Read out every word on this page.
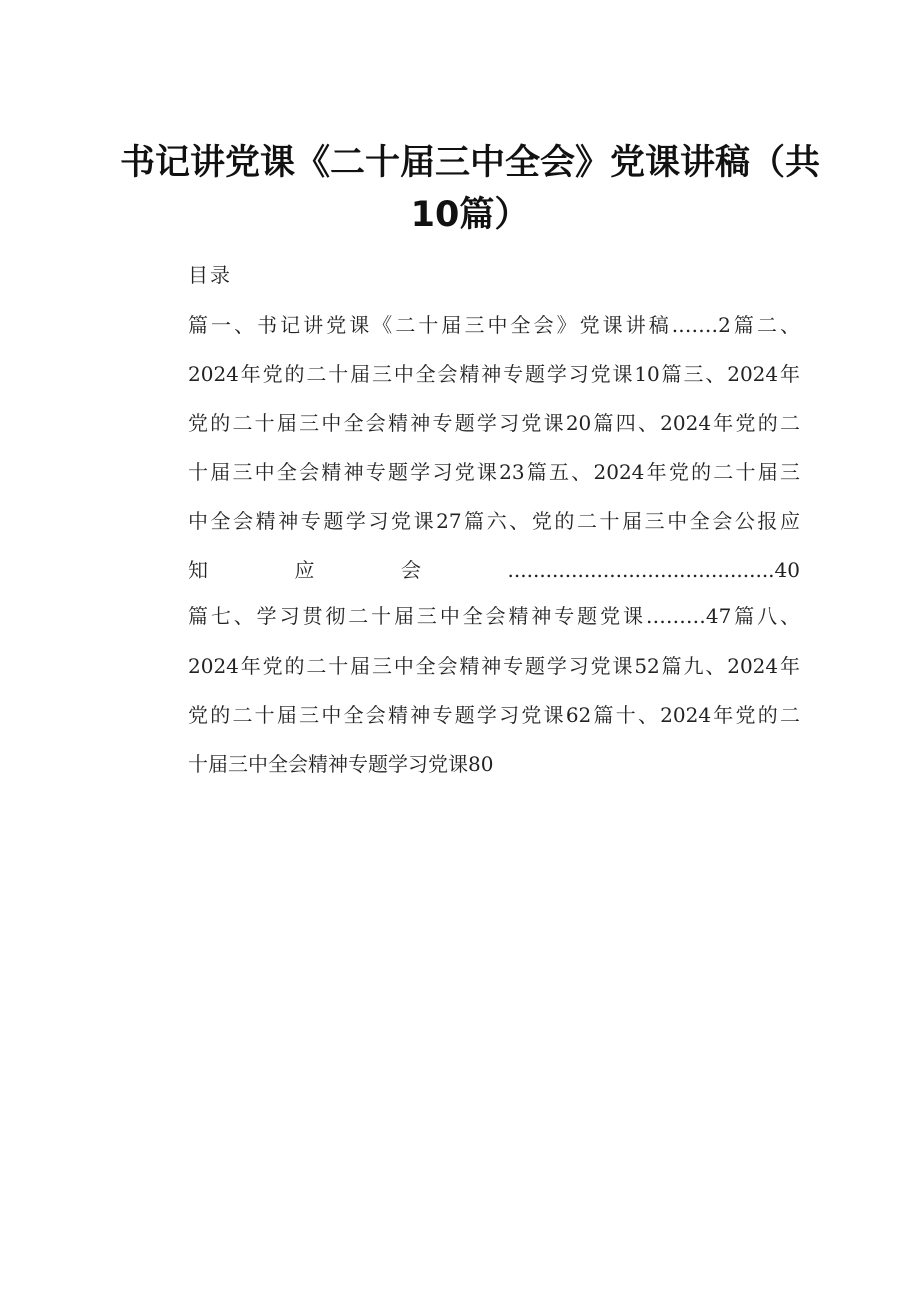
书记讲党课《二十届三中全会》党课讲稿（共
10篇）
目录
篇一、书记讲党课《二十届三中全会》党课讲稿.……2篇二、
2024年党的二十届三中全会精神专题学习党课10篇三、2024年
党的二十届三中全会精神专题学习党课20篇四、2024年党的二
十届三中全会精神专题学习党课23篇五、2024年党的二十届三
中全会精神专题学习党课27篇六、党的二十届三中全会公报应
知应会..........................................40
篇七、学习贯彻二十届三中全会精神专题党课………47篇八、
2024年党的二十届三中全会精神专题学习党课52篇九、2024年
党的二十届三中全会精神专题学习党课62篇十、2024年党的二
十届三中全会精神专题学习党课80
